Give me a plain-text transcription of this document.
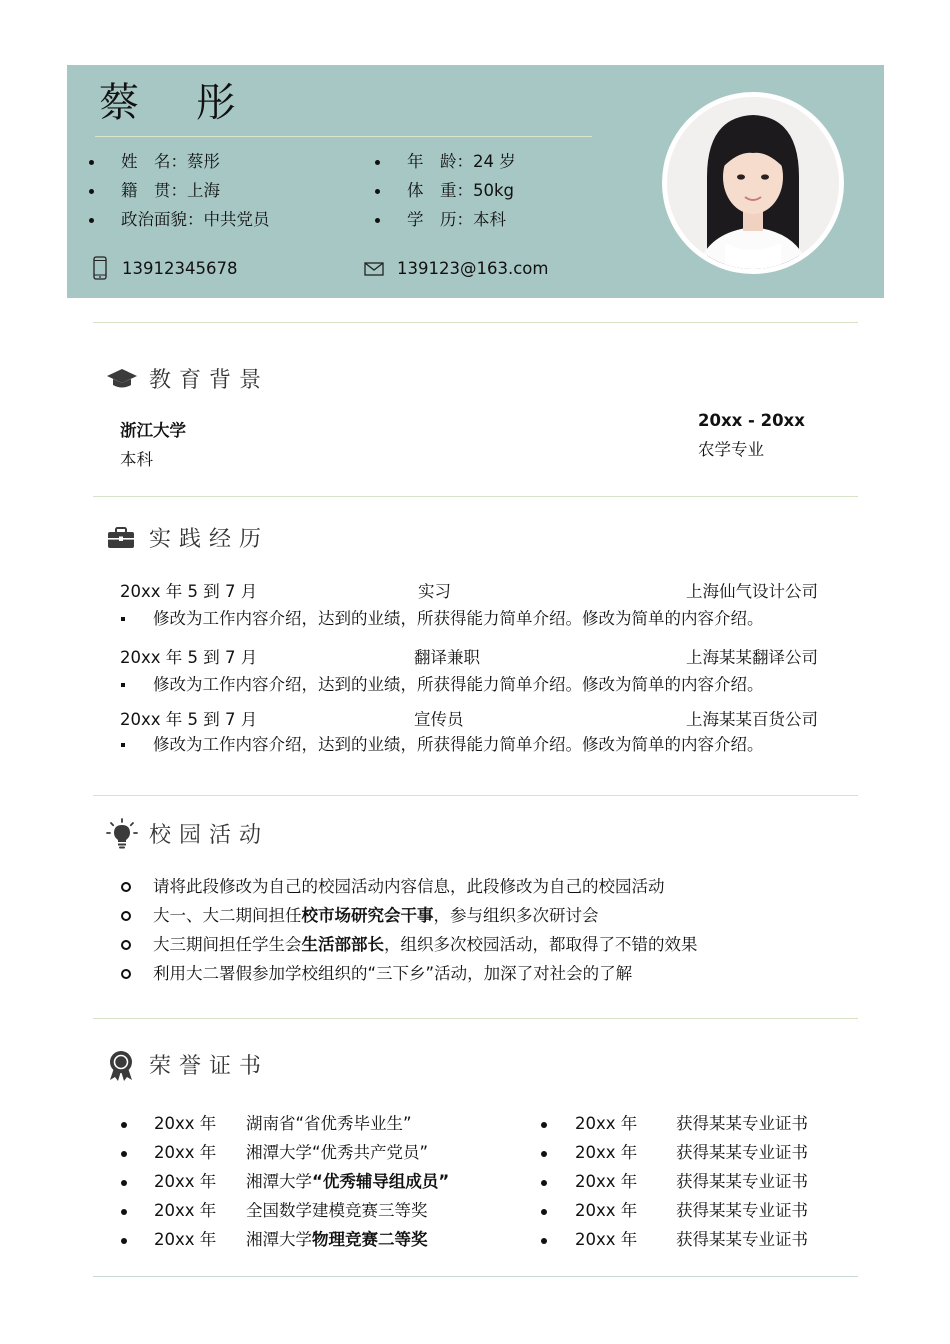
蔡 彤
姓　名：蔡彤
籍　贯：上海
政治面貌：中共党员
年　龄：24 岁
体　重：50kg
学　历：本科
13912345678	139123@163.com
教育背景
浙江大学
本科
20xx - 20xx
农学专业
实践经历
20xx 年 5 到 7 月	实习	上海仙气设计公司
修改为工作内容介绍，达到的业绩，所获得能力简单介绍。修改为简单的内容介绍。
20xx 年 5 到 7 月	翻译兼职	上海某某翻译公司
修改为工作内容介绍，达到的业绩，所获得能力简单介绍。修改为简单的内容介绍。
20xx 年 5 到 7 月	宣传员	上海某某百货公司
修改为工作内容介绍，达到的业绩，所获得能力简单介绍。修改为简单的内容介绍。
校园活动
请将此段修改为自己的校园活动内容信息，此段修改为自己的校园活动
大一、大二期间担任校市场研究会干事，参与组织多次研讨会
大三期间担任学生会生活部部长，组织多次校园活动，都取得了不错的效果
利用大二署假参加学校组织的“三下乡”活动，加深了对社会的了解
荣誉证书
20xx 年 湖南省“省优秀毕业生”
20xx 年 湘潭大学“优秀共产党员”
20xx 年 湘潭大学“优秀辅导组成员”
20xx 年 全国数学建模竞赛三等奖
20xx 年 湘潭大学物理竞赛二等奖
20xx 年 获得某某专业证书
20xx 年 获得某某专业证书
20xx 年 获得某某专业证书
20xx 年 获得某某专业证书
20xx 年 获得某某专业证书
